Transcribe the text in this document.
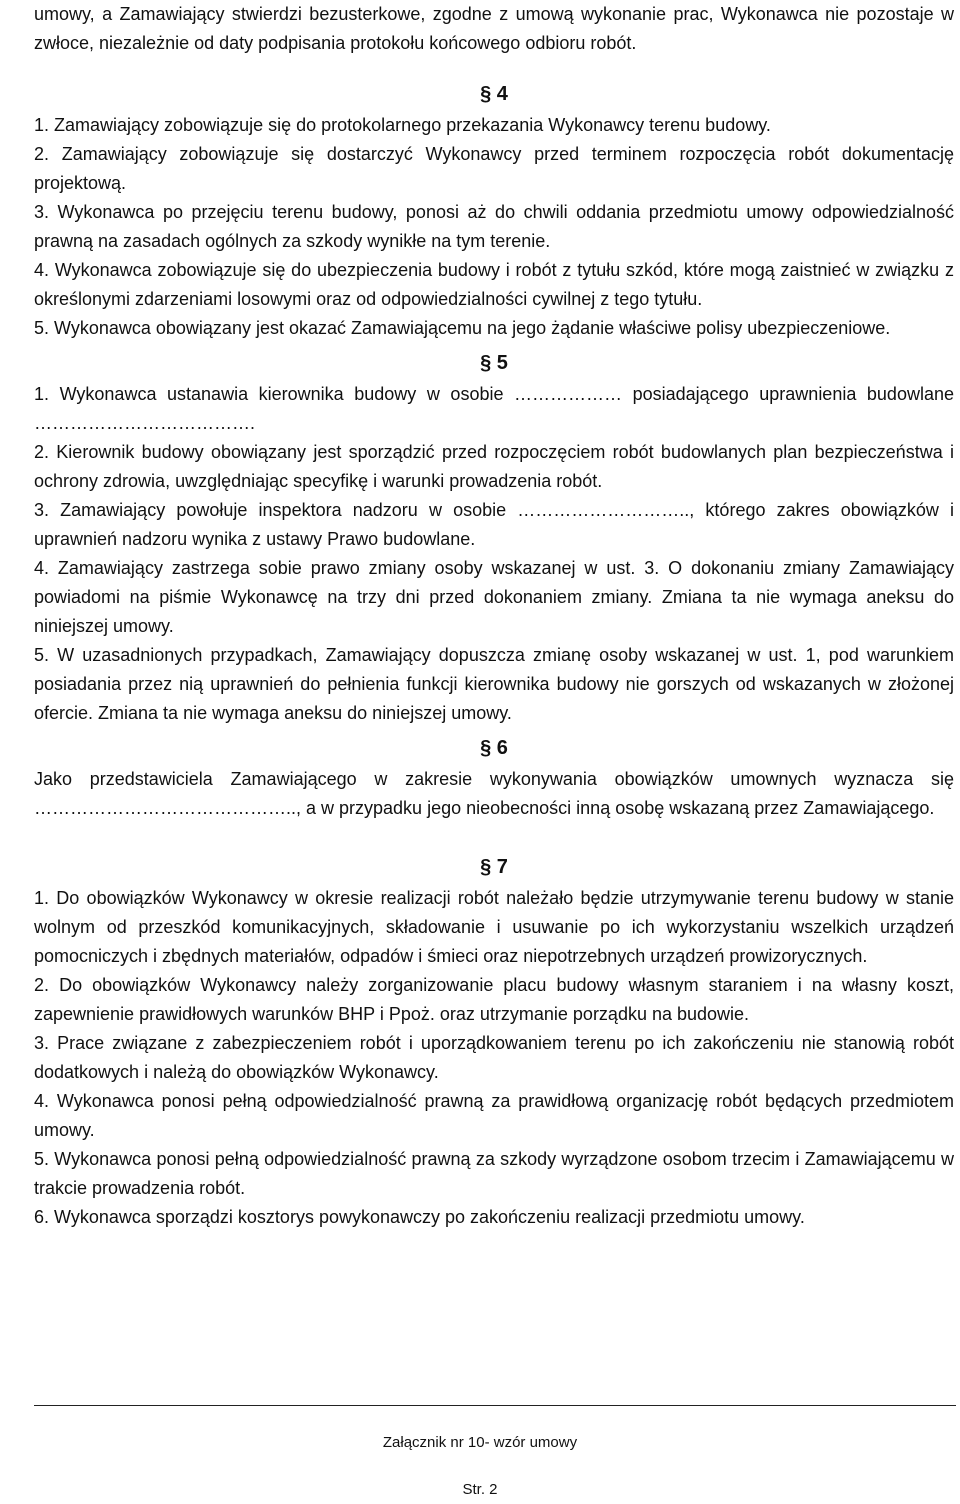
umowy, a Zamawiający stwierdzi bezusterkowe, zgodne z umową wykonanie prac, Wykonawca nie pozostaje w zwłoce, niezależnie od daty podpisania protokołu końcowego odbioru robót.

§ 4

1. Zamawiający zobowiązuje się do protokolarnego przekazania Wykonawcy terenu budowy.

2. Zamawiający zobowiązuje się dostarczyć Wykonawcy przed terminem rozpoczęcia robót dokumentację projektową.

3. Wykonawca po przejęciu terenu budowy, ponosi aż do chwili oddania przedmiotu umowy odpowiedzialność prawną na zasadach ogólnych za szkody wynikłe na tym terenie.

4. Wykonawca zobowiązuje się do ubezpieczenia budowy i robót z tytułu szkód, które mogą zaistnieć w związku z określonymi zdarzeniami losowymi oraz od odpowiedzialności cywilnej z tego tytułu.

5. Wykonawca obowiązany jest okazać Zamawiającemu na jego żądanie właściwe polisy ubezpieczeniowe.

§ 5

1. Wykonawca ustanawia kierownika budowy w osobie ……………… posiadającego uprawnienia budowlane ……………………………….

2. Kierownik budowy obowiązany jest sporządzić przed rozpoczęciem robót budowlanych plan bezpieczeństwa i ochrony zdrowia, uwzględniając specyfikę i warunki prowadzenia robót.

3. Zamawiający powołuje inspektora nadzoru w osobie ……………………….., którego zakres obowiązków i uprawnień nadzoru wynika z ustawy Prawo budowlane.

4. Zamawiający zastrzega sobie prawo zmiany osoby wskazanej w ust. 3. O dokonaniu zmiany Zamawiający powiadomi na piśmie Wykonawcę na trzy dni przed dokonaniem zmiany. Zmiana ta nie wymaga aneksu do niniejszej umowy.

5. W uzasadnionych przypadkach, Zamawiający dopuszcza zmianę osoby wskazanej w ust. 1, pod warunkiem posiadania przez nią uprawnień do pełnienia funkcji kierownika budowy nie gorszych od wskazanych w złożonej ofercie. Zmiana ta nie wymaga aneksu do niniejszej umowy.

§ 6

Jako przedstawiciela Zamawiającego w zakresie wykonywania obowiązków umownych wyznacza się …………………………………….., a w przypadku jego nieobecności inną osobę wskazaną przez Zamawiającego.

§ 7

1. Do obowiązków Wykonawcy w okresie realizacji robót należało będzie utrzymywanie terenu budowy w stanie wolnym od przeszkód komunikacyjnych, składowanie i usuwanie po ich wykorzystaniu wszelkich urządzeń pomocniczych i zbędnych materiałów, odpadów i śmieci oraz niepotrzebnych urządzeń prowizorycznych.

2. Do obowiązków Wykonawcy należy zorganizowanie placu budowy własnym staraniem i na własny koszt, zapewnienie prawidłowych warunków BHP i Ppoż. oraz utrzymanie porządku na budowie.

3. Prace związane z zabezpieczeniem robót i uporządkowaniem terenu po ich zakończeniu nie stanowią robót dodatkowych i należą do obowiązków Wykonawcy.

4. Wykonawca ponosi pełną odpowiedzialność prawną za prawidłową organizację robót będących przedmiotem umowy.

5. Wykonawca ponosi pełną odpowiedzialność prawną za szkody wyrządzone osobom trzecim i Zamawiającemu w trakcie prowadzenia robót.

6. Wykonawca sporządzi kosztorys powykonawczy po zakończeniu realizacji przedmiotu umowy.

Załącznik nr 10- wzór umowy
Str. 2
